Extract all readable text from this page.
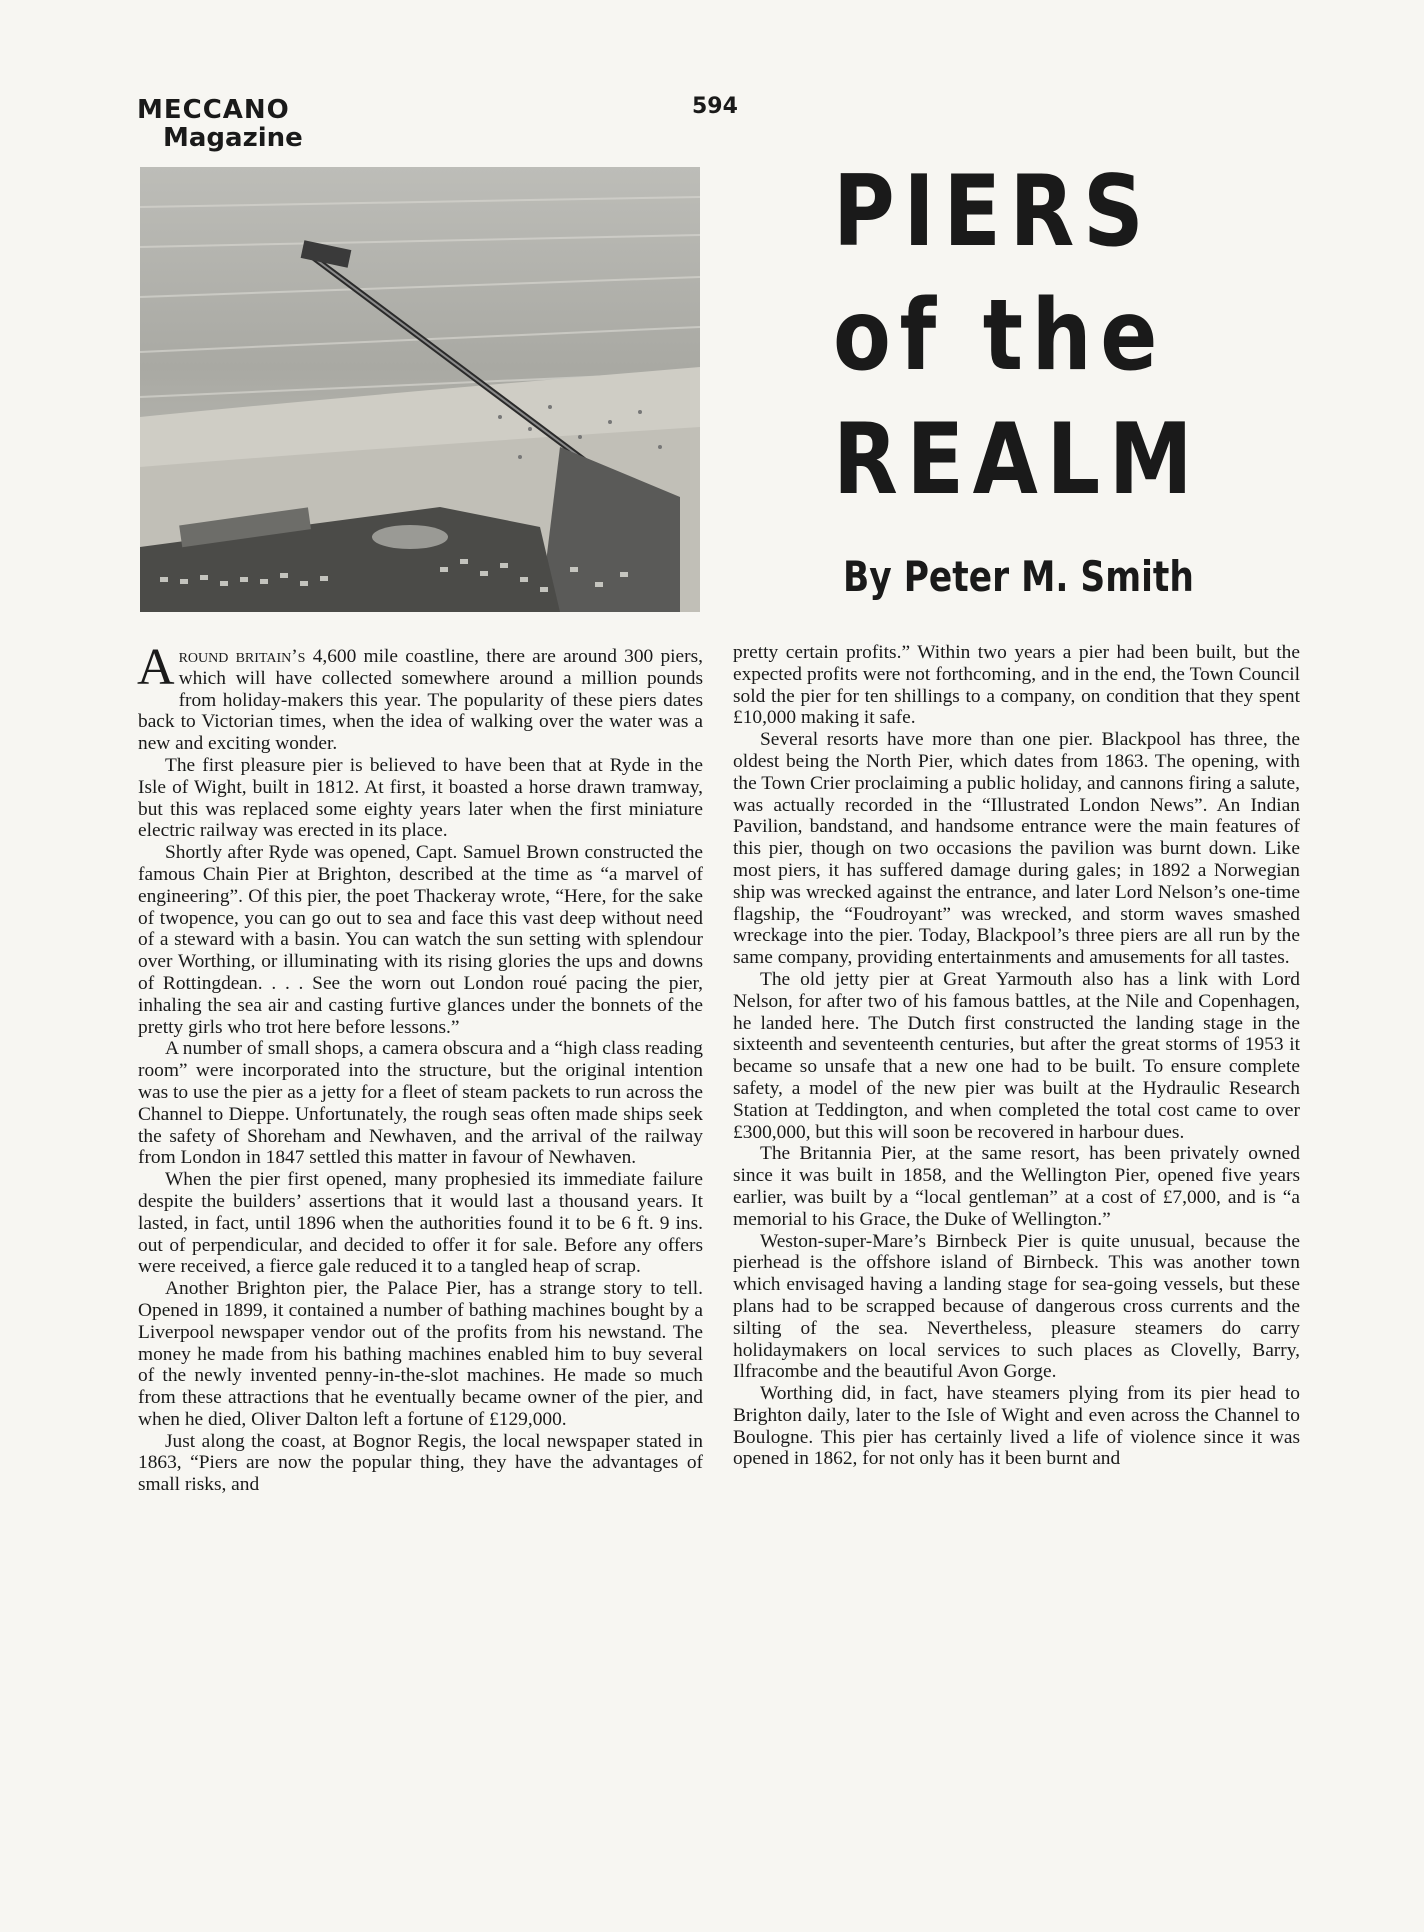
MECCANO
Magazine
594
PIERS
of the
REALM
By Peter M. Smith

Around britain’s 4,600 mile coastline, there are around 300 piers, which will have collected somewhere around a million pounds from holiday-makers this year. The popularity of these piers dates back to Victorian times, when the idea of walking over the water was a new and exciting wonder.

The first pleasure pier is believed to have been that at Ryde in the Isle of Wight, built in 1812. At first, it boasted a horse drawn tramway, but this was replaced some eighty years later when the first miniature electric railway was erected in its place.

Shortly after Ryde was opened, Capt. Samuel Brown constructed the famous Chain Pier at Brighton, described at the time as “a marvel of engineering”. Of this pier, the poet Thackeray wrote, “Here, for the sake of twopence, you can go out to sea and face this vast deep without need of a steward with a basin. You can watch the sun setting with splendour over Worthing, or illuminating with its rising glories the ups and downs of Rottingdean. . . . See the worn out London roué pacing the pier, inhaling the sea air and casting furtive glances under the bonnets of the pretty girls who trot here before lessons.”

A number of small shops, a camera obscura and a “high class reading room” were incorporated into the structure, but the original intention was to use the pier as a jetty for a fleet of steam packets to run across the Channel to Dieppe. Unfortunately, the rough seas often made ships seek the safety of Shoreham and Newhaven, and the arrival of the railway from London in 1847 settled this matter in favour of Newhaven.

When the pier first opened, many prophesied its immediate failure despite the builders’ assertions that it would last a thousand years. It lasted, in fact, until 1896 when the authorities found it to be 6 ft. 9 ins. out of perpendicular, and decided to offer it for sale. Before any offers were received, a fierce gale reduced it to a tangled heap of scrap.

Another Brighton pier, the Palace Pier, has a strange story to tell. Opened in 1899, it contained a number of bathing machines bought by a Liverpool newspaper vendor out of the profits from his newstand. The money he made from his bathing machines enabled him to buy several of the newly invented penny-in-the-slot machines. He made so much from these attractions that he eventually became owner of the pier, and when he died, Oliver Dalton left a fortune of £129,000.

Just along the coast, at Bognor Regis, the local newspaper stated in 1863, “Piers are now the popular thing, they have the advantages of small risks, and

pretty certain profits.” Within two years a pier had been built, but the expected profits were not forthcoming, and in the end, the Town Council sold the pier for ten shillings to a company, on condition that they spent £10,000 making it safe.

Several resorts have more than one pier. Blackpool has three, the oldest being the North Pier, which dates from 1863. The opening, with the Town Crier proclaiming a public holiday, and cannons firing a salute, was actually recorded in the “Illustrated London News”. An Indian Pavilion, bandstand, and handsome entrance were the main features of this pier, though on two occasions the pavilion was burnt down. Like most piers, it has suffered damage during gales; in 1892 a Norwegian ship was wrecked against the entrance, and later Lord Nelson’s one-time flagship, the “Foudroyant” was wrecked, and storm waves smashed wreckage into the pier. Today, Blackpool’s three piers are all run by the same company, providing entertainments and amusements for all tastes.

The old jetty pier at Great Yarmouth also has a link with Lord Nelson, for after two of his famous battles, at the Nile and Copenhagen, he landed here. The Dutch first constructed the landing stage in the sixteenth and seventeenth centuries, but after the great storms of 1953 it became so unsafe that a new one had to be built. To ensure complete safety, a model of the new pier was built at the Hydraulic Research Station at Teddington, and when completed the total cost came to over £300,000, but this will soon be recovered in harbour dues.

The Britannia Pier, at the same resort, has been privately owned since it was built in 1858, and the Wellington Pier, opened five years earlier, was built by a “local gentleman” at a cost of £7,000, and is “a memorial to his Grace, the Duke of Wellington.”

Weston-super-Mare’s Birnbeck Pier is quite unusual, because the pierhead is the offshore island of Birnbeck. This was another town which envisaged having a landing stage for sea-going vessels, but these plans had to be scrapped because of dangerous cross currents and the silting of the sea. Nevertheless, pleasure steamers do carry holidaymakers on local services to such places as Clovelly, Barry, Ilfracombe and the beautiful Avon Gorge.

Worthing did, in fact, have steamers plying from its pier head to Brighton daily, later to the Isle of Wight and even across the Channel to Boulogne. This pier has certainly lived a life of violence since it was opened in 1862, for not only has it been burnt and
